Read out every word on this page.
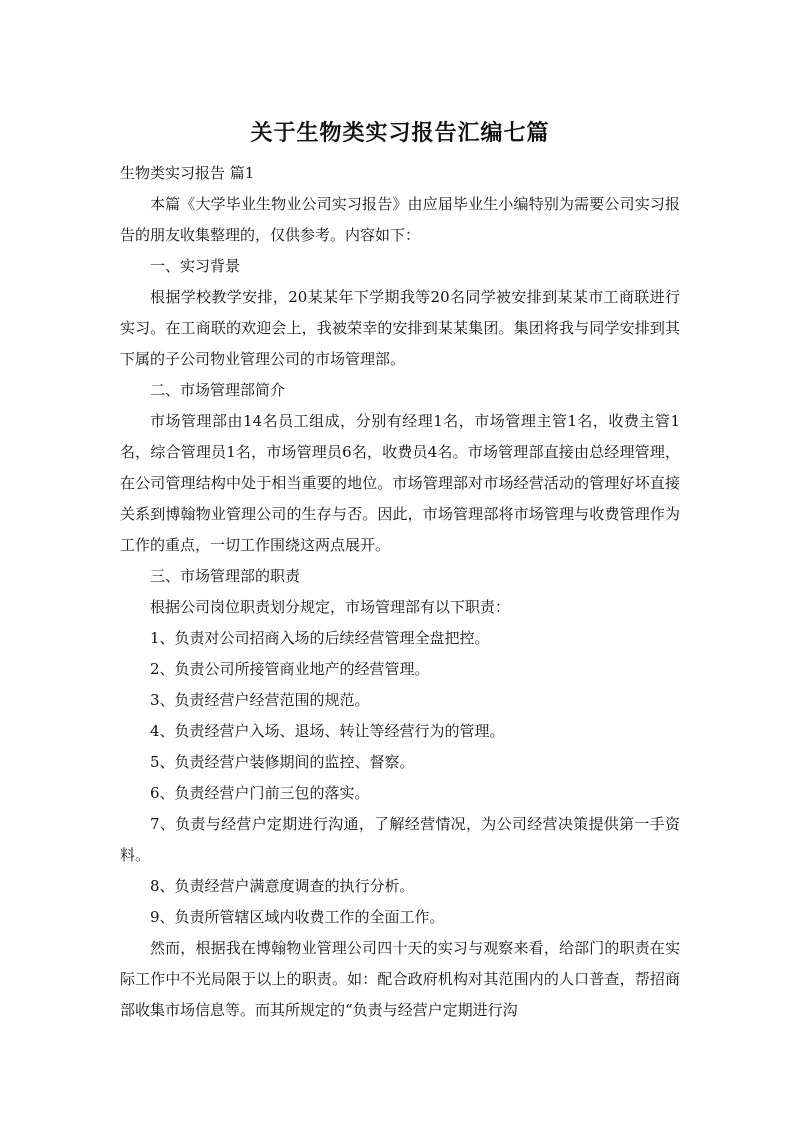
关于生物类实习报告汇编七篇

生物类实习报告 篇1

本篇《大学毕业生物业公司实习报告》由应届毕业生小编特别为需要公司实习报告的朋友收集整理的，仅供参考。内容如下：

一、实习背景

根据学校教学安排，20某某年下学期我等20名同学被安排到某某市工商联进行实习。在工商联的欢迎会上，我被荣幸的安排到某某集团。集团将我与同学安排到其下属的子公司物业管理公司的市场管理部。

二、市场管理部简介

市场管理部由14名员工组成，分别有经理1名，市场管理主管1名，收费主管1名，综合管理员1名，市场管理员6名，收费员4名。市场管理部直接由总经理管理，在公司管理结构中处于相当重要的地位。市场管理部对市场经营活动的管理好坏直接关系到博翰物业管理公司的生存与否。因此，市场管理部将市场管理与收费管理作为工作的重点，一切工作围绕这两点展开。

三、市场管理部的职责

根据公司岗位职责划分规定，市场管理部有以下职责：

1、负责对公司招商入场的后续经营管理全盘把控。

2、负责公司所接管商业地产的经营管理。

3、负责经营户经营范围的规范。

4、负责经营户入场、退场、转让等经营行为的管理。

5、负责经营户装修期间的监控、督察。

6、负责经营户门前三包的落实。

7、负责与经营户定期进行沟通，了解经营情况，为公司经营决策提供第一手资料。

8、负责经营户满意度调查的执行分析。

9、负责所管辖区域内收费工作的全面工作。

然而，根据我在博翰物业管理公司四十天的实习与观察来看，给部门的职责在实际工作中不光局限于以上的职责。如：配合政府机构对其范围内的人口普查，帮招商部收集市场信息等。而其所规定的“负责与经营户定期进行沟
